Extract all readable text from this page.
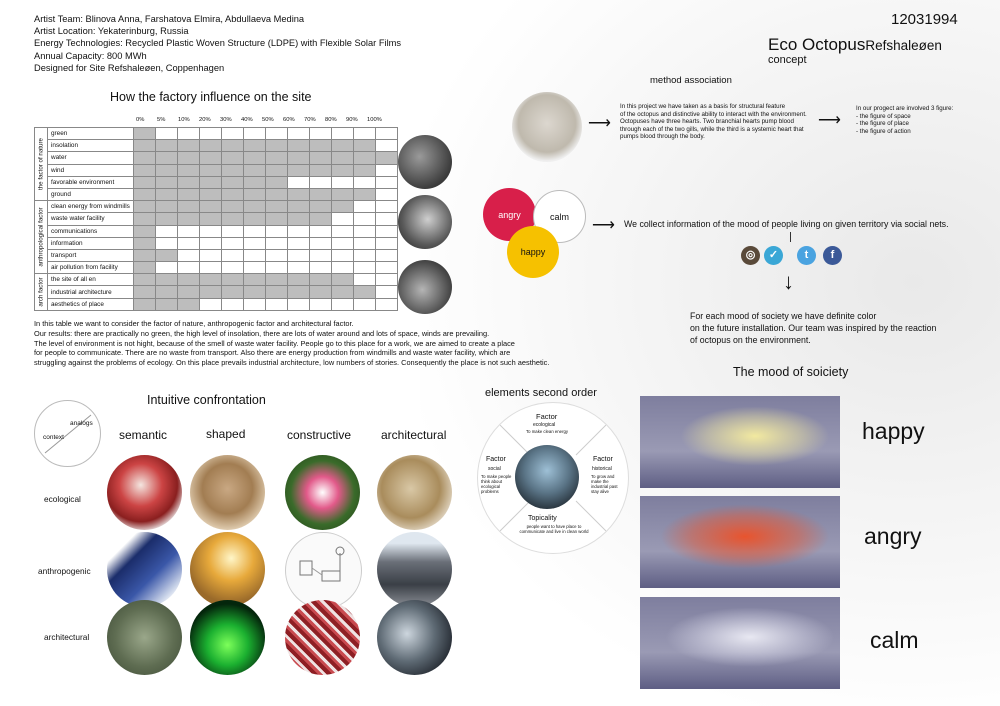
Artist Team: Blinova Anna, Farshatova Elmira, Abdullaeva Medina
Artist Location: Yekaterinburg, Russia
Energy Technologies: Recycled Plastic Woven Structure (LDPE) with Flexible Solar Films
Annual Capacity: 800 MWh
Designed for Site Refshaleøen, Coppenhagen
12031994
Eco OctopusRefshaleøen
concept
How the factory influence on the site
0% 5% 10% 20% 30% 40% 50% 60% 70% 80% 90% 100%
the factor of nature	green												
	insolation												
	water												
	wind												
	favorable environment												
	ground												

anthropological factor	clean energy from windmills												
	waste water facility												
	communications												
	information												
	transport												
	air pollution from facility												

arch factor	the site of all en												
	industrial architecture												
	aesthetics of place												
In this table we want to consider the factor of nature, anthropogenic factor and architectural factor.
Our results: there are practically no green, the high level of insolation, there are lots of water around and lots of space, winds are prevailing.
The level of environment is not hight, because of the smell of waste water facility. People go to this place for a work, we are aimed to create a place
for people to communicate. There are no waste from transport. Also there are energy production from windmills and waste water facility, which are
struggling against the problems of ecology. On this place prevails industrial architecture, low numbers of stories. Consequently the place is not such aesthetic.
method association
⟶
In this project we have taken as a basis for structural feature
of the octopus and distinctive ability to interact with the environment.
Octopuses have three hearts. Two branchial hearts pump blood
through each of the two gills, while the third is a systemic heart that
pumps blood through the body.
⟶
In our progect are involved 3 figure:
- the figure of space
- the figure of place
- the figure of action
angry	calm
happy
⟶ We collect information of the mood of people living on given territory via social nets.
◎	✓	t	f
↓
For each mood of society we have definite color
on the future installation. Our team was inspired by the reaction
of octopus on the environment.
The mood of soiciety
happy
angry
calm
Intuitive confrontation
analogs
context	semantic	shaped	constructive architectural
ecological
anthropogenic
architectural
elements second order
Factor
ecological
To make clean energy
Factor
social
To make people think about ecological problems
Factor
historical
To grow and make the industrial past stay alive
Topicality
people want to have place to communicate and live in clean world
